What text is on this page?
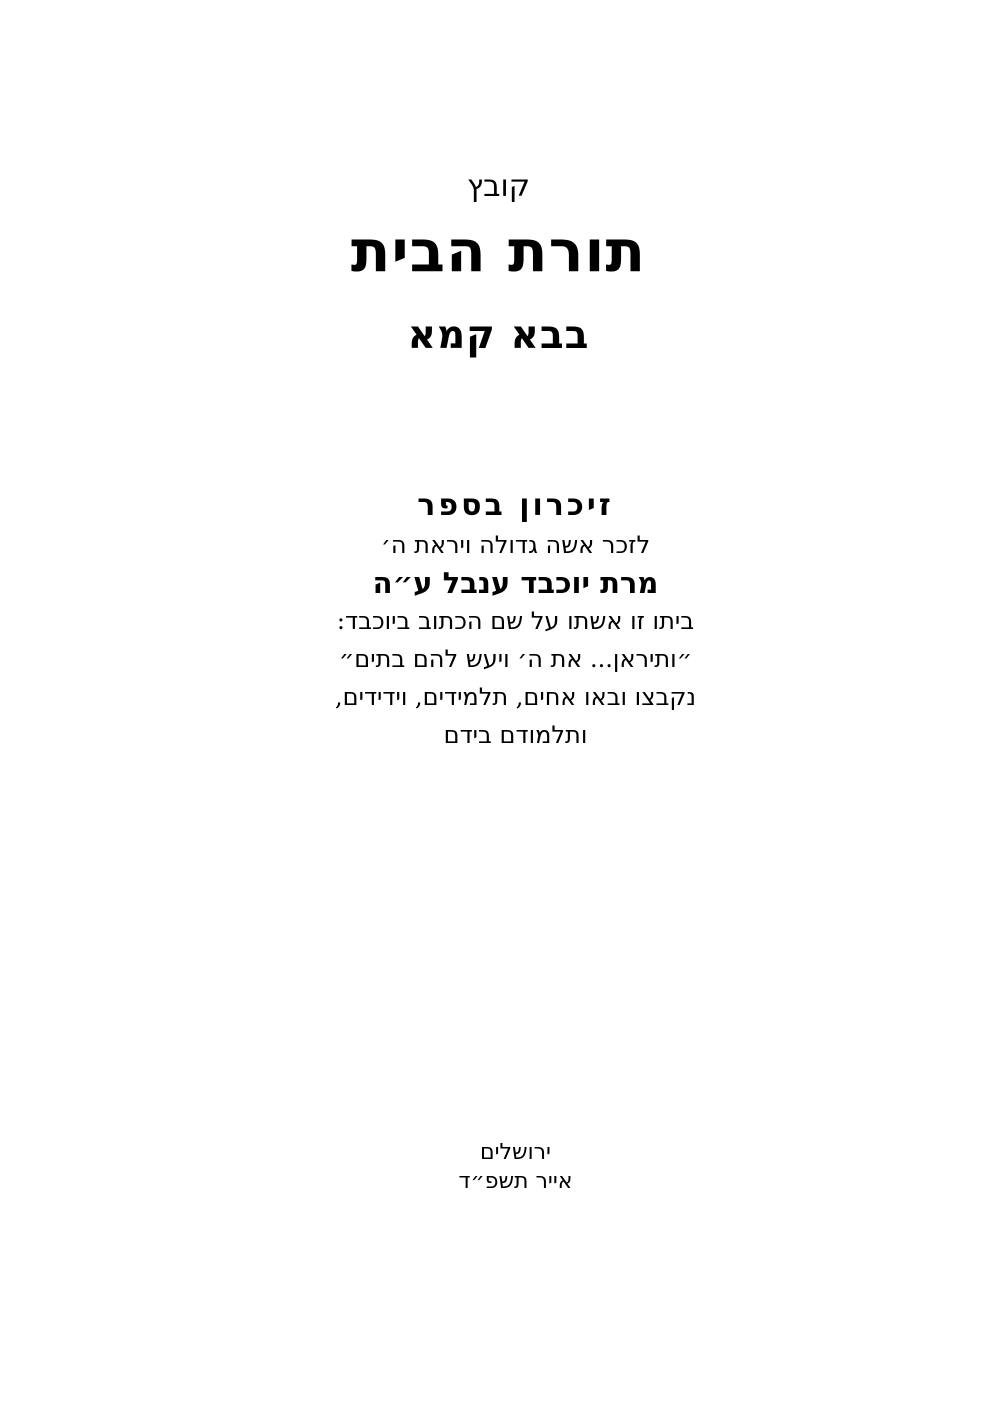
קובץ
תורת הבית
בבא קמא
זיכרון בספר
לזכר אשה גדולה ויראת ה׳
מרת יוכבד ענבל ע״ה
ביתו זו אשתו על שם הכתוב ביוכבד:
״ותיראן... את ה׳ ויעש להם בתים״
נקבצו ובאו אחים, תלמידים, וידידים,
ותלמודם בידם
ירושלים
אייר תשפ״ד
